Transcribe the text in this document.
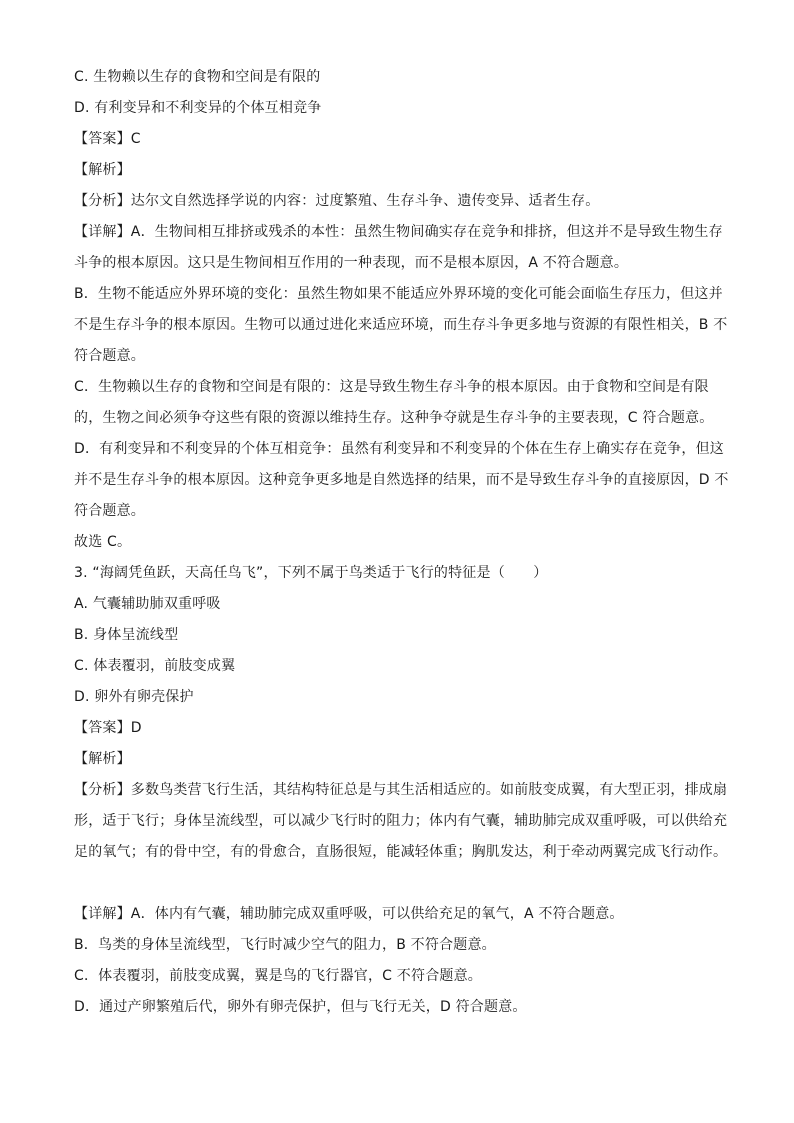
C. 生物赖以生存的食物和空间是有限的
D. 有利变异和不利变异的个体互相竞争
【答案】C
【解析】
【分析】达尔文自然选择学说的内容：过度繁殖、生存斗争、遗传变异、适者生存。
【详解】A．生物间相互排挤或残杀的本性：虽然生物间确实存在竞争和排挤，但这并不是导致生物生存
斗争的根本原因。这只是生物间相互作用的一种表现，而不是根本原因，A 不符合题意。
B．生物不能适应外界环境的变化：虽然生物如果不能适应外界环境的变化可能会面临生存压力，但这并
不是生存斗争的根本原因。生物可以通过进化来适应环境，而生存斗争更多地与资源的有限性相关，B 不
符合题意。
C．生物赖以生存的食物和空间是有限的：这是导致生物生存斗争的根本原因。由于食物和空间是有限
的，生物之间必须争夺这些有限的资源以维持生存。这种争夺就是生存斗争的主要表现，C 符合题意。
D．有利变异和不利变异的个体互相竞争：虽然有利变异和不利变异的个体在生存上确实存在竞争，但这
并不是生存斗争的根本原因。这种竞争更多地是自然选择的结果，而不是导致生存斗争的直接原因，D 不
符合题意。
故选 C。
3. “海阔凭鱼跃，天高任鸟飞”，下列不属于鸟类适于飞行的特征是（　　）
A. 气囊辅助肺双重呼吸
B. 身体呈流线型
C. 体表覆羽，前肢变成翼
D. 卵外有卵壳保护
【答案】D
【解析】
【分析】多数鸟类营飞行生活，其结构特征总是与其生活相适应的。如前肢变成翼，有大型正羽，排成扇
形，适于飞行；身体呈流线型，可以减少飞行时的阻力；体内有气囊，辅助肺完成双重呼吸，可以供给充
足的氧气；有的骨中空，有的骨愈合，直肠很短，能减轻体重；胸肌发达，利于牵动两翼完成飞行动作。
【详解】A．体内有气囊，辅助肺完成双重呼吸，可以供给充足的氧气，A 不符合题意。
B．鸟类的身体呈流线型，飞行时减少空气的阻力，B 不符合题意。
C．体表覆羽，前肢变成翼，翼是鸟的飞行器官，C 不符合题意。
D．通过产卵繁殖后代，卵外有卵壳保护，但与飞行无关，D 符合题意。
